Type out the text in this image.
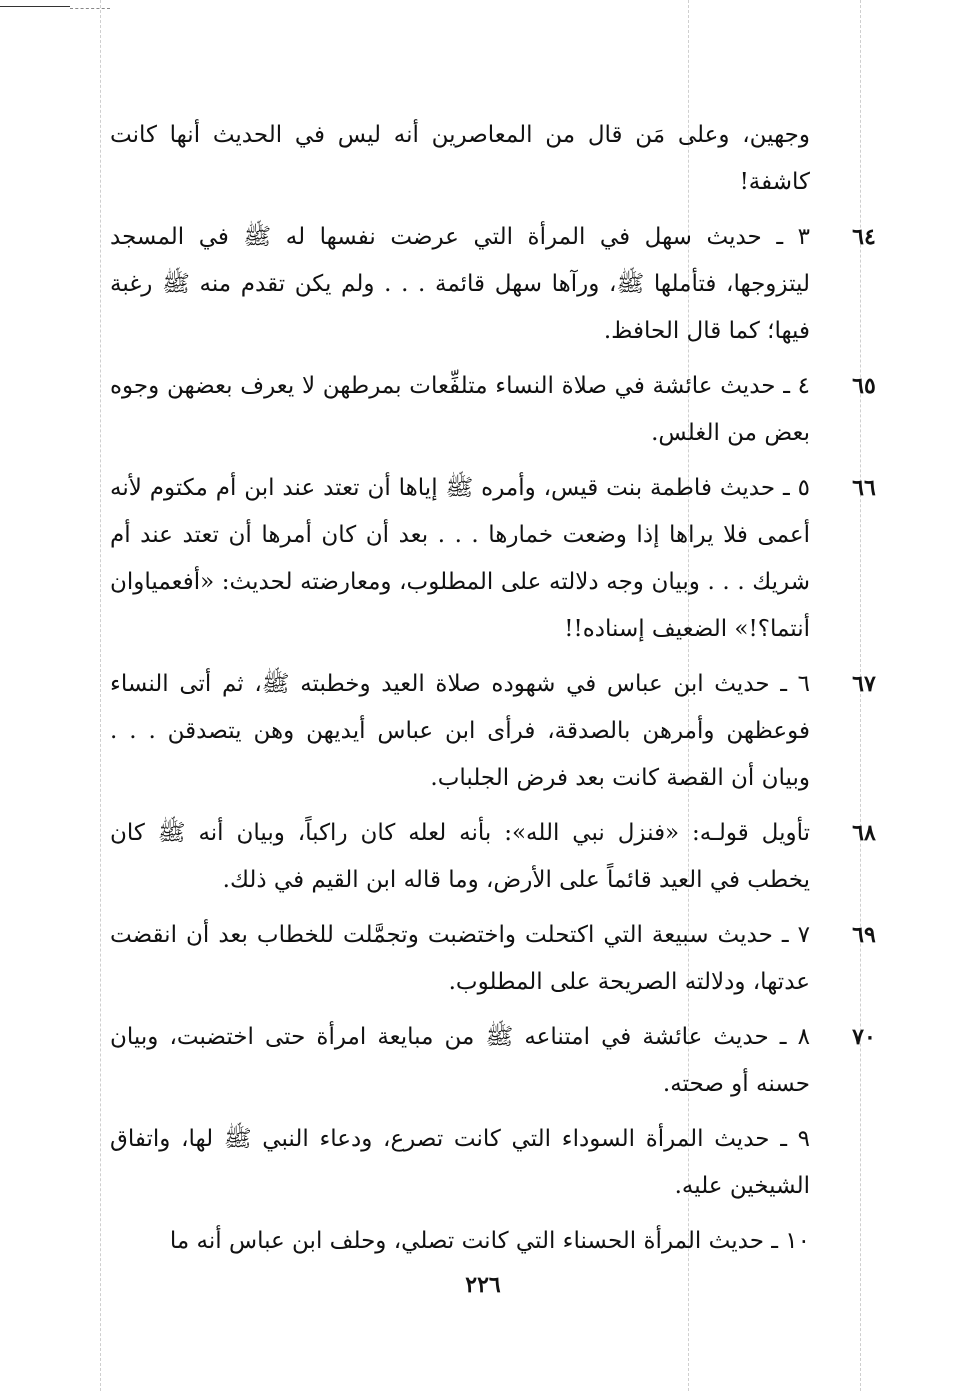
وجهين، وعلى مَن قال من المعاصرين أنه ليس في الحديث أنها كانت كاشفة!

٦٤
٣ ـ حديث سهل في المرأة التي عرضت نفسها له ﷺ في المسجد ليتزوجها، فتأملها ﷺ، ورآها سهل قائمة . . . ولم يكن تقدم منه ﷺ رغبة فيها؛ كما قال الحافظ.

٦٥
٤ ـ حديث عائشة في صلاة النساء متلفِّعات بمرطهن لا يعرف بعضهن وجوه بعض من الغلس.

٦٦
٥ ـ حديث فاطمة بنت قيس، وأمره ﷺ إياها أن تعتد عند ابن أم مكتوم لأنه أعمى فلا يراها إذا وضعت خمارها . . . بعد أن كان أمرها أن تعتد عند أم شريك . . . وبيان وجه دلالته على المطلوب، ومعارضته لحديث: «أفعمياوان أنتما؟!» الضعيف إسناده!!

٦٧
٦ ـ حديث ابن عباس في شهوده صلاة العيد وخطبته ﷺ، ثم أتى النساء فوعظهن وأمرهن بالصدقة، فرأى ابن عباس أيديهن وهن يتصدقن . . . وبيان أن القصة كانت بعد فرض الجلباب.

٦٨
تأويل قولـه: «فنزل نبي الله»: بأنه لعله كان راكباً، وبيان أنه ﷺ كان يخطب في العيد قائماً على الأرض، وما قاله ابن القيم في ذلك.

٦٩
٧ ـ حديث سبيعة التي اكتحلت واختضبت وتجمَّلت للخطاب بعد أن انقضت عدتها، ودلالته الصريحة على المطلوب.

٧٠
٨ ـ حديث عائشة في امتناعه ﷺ من مبايعة امرأة حتى اختضبت، وبيان حسنه أو صحته.

٩ ـ حديث المرأة السوداء التي كانت تصرع، ودعاء النبي ﷺ لها، واتفاق الشيخين عليه.

١٠ ـ حديث المرأة الحسناء التي كانت تصلي، وحلف ابن عباس أنه ما

٢٢٦
